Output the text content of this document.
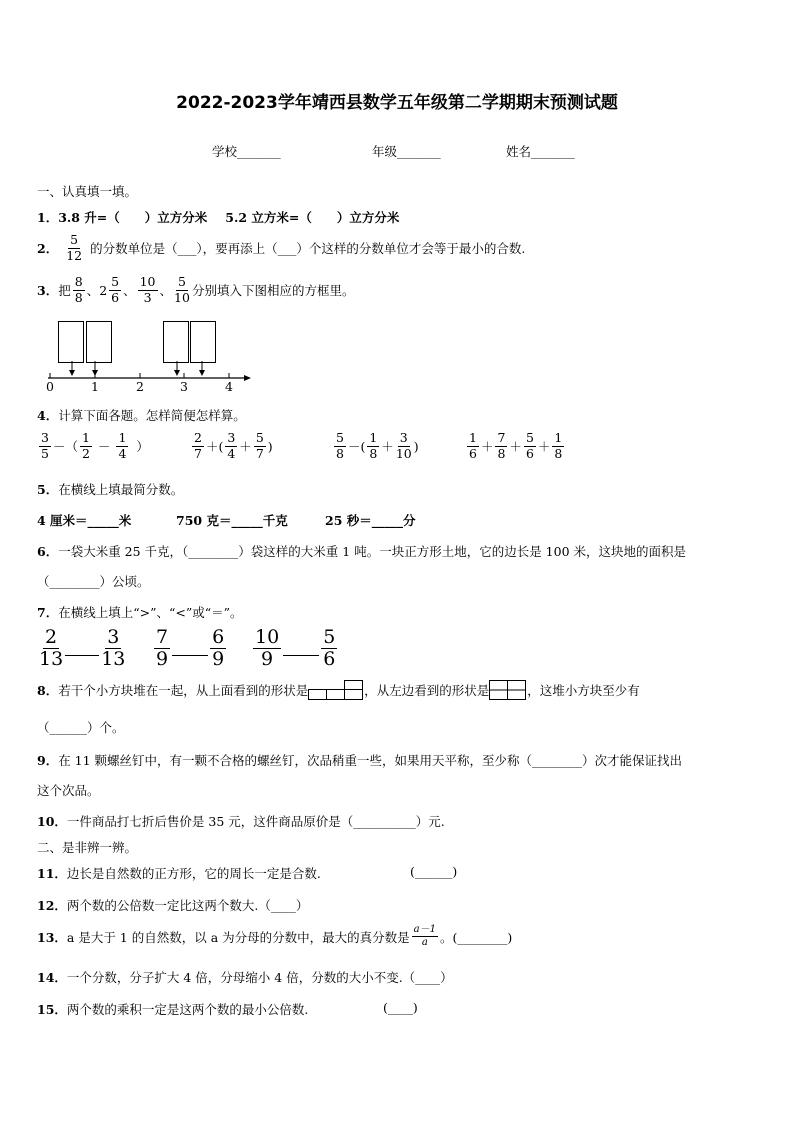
2022-2023学年靖西县数学五年级第二学期期末预测试题
学校_______	年级_______	姓名_______
一、认真填一填。
1．3.8 升=（　　）立方分米 5.2 立方米=（　　）立方分米
2． $\frac{5}{12}$ 的分数单位是（___），要再添上（___）个这样的分数单位才会等于最小的合数.
3． 把 $\frac{8}{8}$ 、 $2 \frac{5}{6}$ 、 $\frac{10}{3}$ 、 $\frac{5}{10}$ 分别填入下图相应的方框里。
0	1	2	3	4
4．计算下面各题。怎样简便怎样算。
$\frac{3}{5}$ －（ $\frac{1}{2} - \frac{1}{4}$ ）	$\frac{2}{7}$ ＋( $\frac{3}{4} + \frac{5}{7}$ )	$\frac{5}{8}$ －( $\frac{1}{8} + \frac{3}{10}$ )	$\frac{1}{6} + \frac{7}{8} + \frac{5}{6} + \frac{1}{8}$
5．在横线上填最简分数。
4 厘米＝_____米	750 克＝_____千克	25 秒＝_____分
6．一袋大米重 25 千克，（________）袋这样的大米重 1 吨。一块正方形土地，它的边长是 100 米，这块地的面积是
（________）公顷。
7．在横线上填上“>”、“<”或“＝”。
$\frac{2}{13} \frac{3}{13} \frac{7}{9} \frac{6}{9} \frac{10}{9} \frac{5}{6}$
8． 若干个小方块堆在一起，从上面看到的形状是	，从左边看到的形状是	，这堆小方块至少有
（______）个。
9．在 11 颗螺丝钉中，有一颗不合格的螺丝钉，次品稍重一些，如果用天平称，至少称（________）次才能保证找出
这个次品。
10．一件商品打七折后售价是 35 元，这件商品原价是（__________）元.
二、是非辨一辨。
11．边长是自然数的正方形，它的周长一定是合数.	(______)
12．两个数的公倍数一定比这两个数大.（____）
13． a 是大于 1 的自然数，以 a 为分母的分数中，最大的真分数是 $\frac{a-1}{a}$ 。(________)
14．一个分数，分子扩大 4 倍，分母缩小 4 倍，分数的大小不变.（____）
15．两个数的乘积一定是这两个数的最小公倍数.	(____)
